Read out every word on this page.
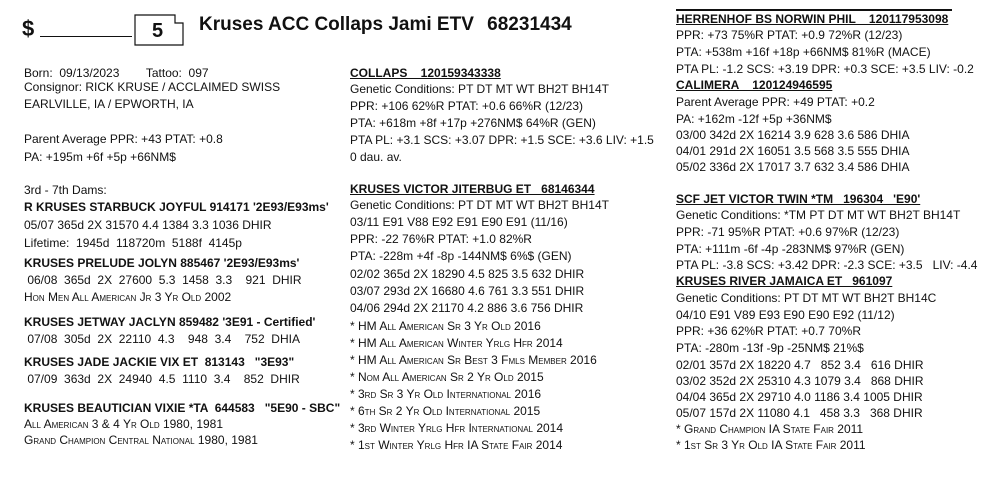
$	5 Kruses ACC Collaps Jami ETV 68231434
Born:  09/13/2023        Tattoo:  097
Consignor: RICK KRUSE / ACCLAIMED SWISS
EARLVILLE, IA / EPWORTH, IA
Parent Average PPR: +43 PTAT: +0.8
PA: +195m +6f +5p +66NM$
3rd - 7th Dams:
R KRUSES STARBUCK JOYFUL 914171 '2E93/E93ms'
05/07 365d 2X 31570 4.4 1384 3.3 1036 DHIR
Lifetime:  1945d  118720m  5188f  4145p
KRUSES PRELUDE JOLYN 885467 '2E93/E93ms'
06/08  365d  2X  27600  5.3  1458  3.3    921  DHIR
Hon Men All American Jr 3 Yr Old 2002
KRUSES JETWAY JACLYN 859482 '3E91 - Certified'
07/08  305d  2X  22110  4.3    948  3.4    752  DHIA
KRUSES JADE JACKIE VIX ET  813143   "3E93"
07/09  363d  2X  24940  4.5  1110  3.4    852  DHIR
KRUSES BEAUTICIAN VIXIE *TA  644583   "5E90 - SBC"
All American 3 & 4 Yr Old 1980, 1981
Grand Champion Central National 1980, 1981
COLLAPS    120159343338
Genetic Conditions: PT DT MT WT BH2T BH14T
PPR: +106 62%R PTAT: +0.6 66%R (12/23)
PTA: +618m +8f +17p +276NM$ 64%R (GEN)
PTA PL: +3.1 SCS: +3.07 DPR: +1.5 SCE: +3.6 LIV: +1.5
0 dau. av.
KRUSES VICTOR JITERBUG ET   68146344
Genetic Conditions: PT DT MT WT BH2T BH14T
03/11 E91 V88 E92 E91 E90 E91 (11/16)
PPR: -22 76%R PTAT: +1.0 82%R
PTA: -228m +4f -8p -144NM$ 6%$ (GEN)
02/02 365d 2X 18290 4.5 825 3.5 632 DHIR
03/07 293d 2X 16680 4.6 761 3.3 551 DHIR
04/06 294d 2X 21170 4.2 886 3.6 756 DHIR
* HM All American Sr 3 Yr Old 2016
* HM All American Winter Yrlg Hfr 2014
* HM All American Sr Best 3 Fmls Member 2016
* Nom All American Sr 2 Yr Old 2015
* 3rd Sr 3 Yr Old International 2016
* 6th Sr 2 Yr Old International 2015
* 3rd Winter Yrlg Hfr International 2014
* 1st Winter Yrlg Hfr IA State Fair 2014
HERRENHOF BS NORWIN PHIL    120117953098
PPR: +73 75%R PTAT: +0.9 72%R (12/23)
PTA: +538m +16f +18p +66NM$ 81%R (MACE)
PTA PL: -1.2 SCS: +3.19 DPR: +0.3 SCE: +3.5 LIV: -0.2
CALIMERA    120124946595
Parent Average PPR: +49 PTAT: +0.2
PA: +162m -12f +5p +36NM$
03/00 342d 2X 16214 3.9 628 3.6 586 DHIA
04/01 291d 2X 16051 3.5 568 3.5 555 DHIA
05/02 336d 2X 17017 3.7 632 3.4 586 DHIA
SCF JET VICTOR TWIN *TM   196304   'E90'
Genetic Conditions: *TM PT DT MT WT BH2T BH14T
PPR: -71 95%R PTAT: +0.6 97%R (12/23)
PTA: +111m -6f -4p -283NM$ 97%R (GEN)
PTA PL: -3.8 SCS: +3.42 DPR: -2.3 SCE: +3.5   LIV: -4.4
KRUSES RIVER JAMAICA ET   961097
Genetic Conditions: PT DT MT WT BH2T BH14C
04/10 E91 V89 E93 E90 E90 E92 (11/12)
PPR: +36 62%R PTAT: +0.7 70%R
PTA: -280m -13f -9p -25NM$ 21%$
02/01 357d 2X 18220 4.7   852 3.4   616 DHIR
03/02 352d 2X 25310 4.3 1079 3.4   868 DHIR
04/04 365d 2X 29710 4.0 1186 3.4 1005 DHIR
05/07 157d 2X 11080 4.1   458 3.3   368 DHIR
* Grand Champion IA State Fair 2011
* 1st Sr 3 Yr Old IA State Fair 2011
